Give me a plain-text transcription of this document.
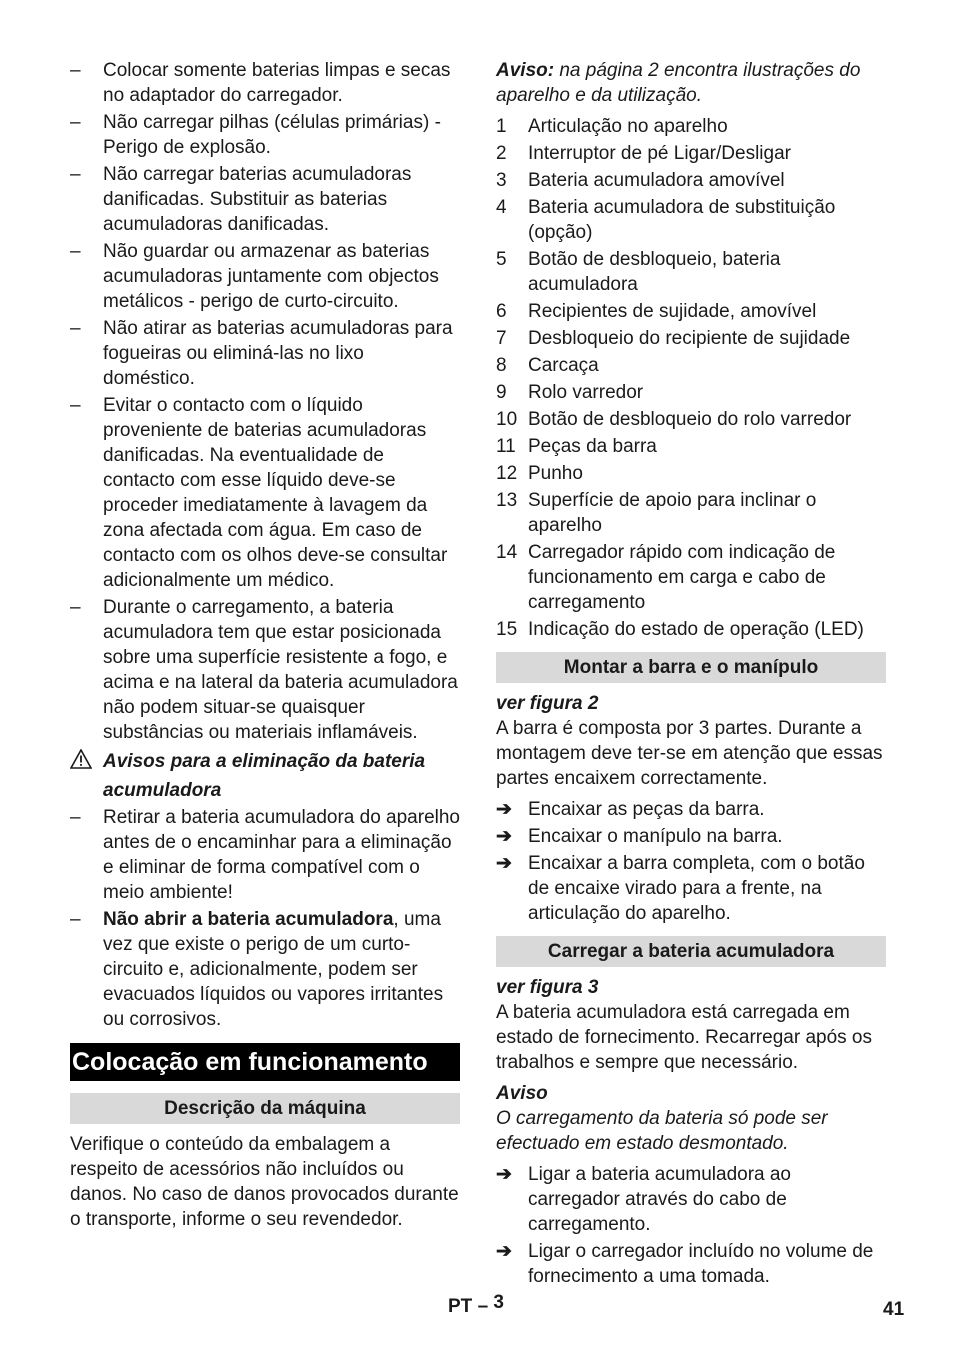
– Colocar somente baterias limpas e secas no adaptador do carregador.
– Não carregar pilhas (células primárias) - Perigo de explosão.
– Não carregar baterias acumuladoras danificadas. Substituir as baterias acumuladoras danificadas.
– Não guardar ou armazenar as baterias acumuladoras juntamente com objectos metálicos - perigo de curto-circuito.
– Não atirar as baterias acumuladoras para fogueiras ou eliminá-las no lixo doméstico.
– Evitar o contacto com o líquido proveniente de baterias acumuladoras danificadas. Na eventualidade de contacto com esse líquido deve-se proceder imediatamente à lavagem da zona afectada com água. Em caso de contacto com os olhos deve-se consultar adicionalmente um médico.
– Durante o carregamento, a bateria acumuladora tem que estar posicionada sobre uma superfície resistente a fogo, e acima e na lateral da bateria acumuladora não podem situar-se quaisquer substâncias ou materiais inflamáveis.
Avisos para a eliminação da bateria acumuladora
– Retirar a bateria acumuladora do aparelho antes de o encaminhar para a eliminação e eliminar de forma compatível com o meio ambiente!
– Não abrir a bateria acumuladora, uma vez que existe o perigo de um curto-circuito e, adicionalmente, podem ser evacuados líquidos ou vapores irritantes ou corrosivos.
Colocação em funcionamento
Descrição da máquina

Verifique o conteúdo da embalagem a respeito de acessórios não incluídos ou danos. No caso de danos provocados durante o transporte, informe o seu revendedor.

Aviso: na página 2 encontra ilustrações do aparelho e da utilização.

1 Articulação no aparelho
2 Interruptor de pé Ligar/Desligar
3 Bateria acumuladora amovível
4 Bateria acumuladora de substituição (opção)
5 Botão de desbloqueio, bateria acumuladora
6 Recipientes de sujidade, amovível
7 Desbloqueio do recipiente de sujidade
8 Carcaça
9 Rolo varredor
10 Botão de desbloqueio do rolo varredor
11 Peças da barra
12 Punho
13 Superfície de apoio para inclinar o aparelho
14 Carregador rápido com indicação de funcionamento em carga e cabo de carregamento
15 Indicação do estado de operação (LED)
Montar a barra e o manípulo
ver figura 2

A barra é composta por 3 partes. Durante a montagem deve ter-se em atenção que essas partes encaixem correctamente.

➔ Encaixar as peças da barra.
➔ Encaixar o manípulo na barra.
➔ Encaixar a barra completa, com o botão de encaixe virado para a frente, na articulação do aparelho.
Carregar a bateria acumuladora
ver figura 3

A bateria acumuladora está carregada em estado de fornecimento. Recarregar após os trabalhos e sempre que necessário.

Aviso

O carregamento da bateria só pode ser efectuado em estado desmontado.

➔ Ligar a bateria acumuladora ao carregador através do cabo de carregamento.
➔ Ligar o carregador incluído no volume de fornecimento a uma tomada.
PT – 3	41
